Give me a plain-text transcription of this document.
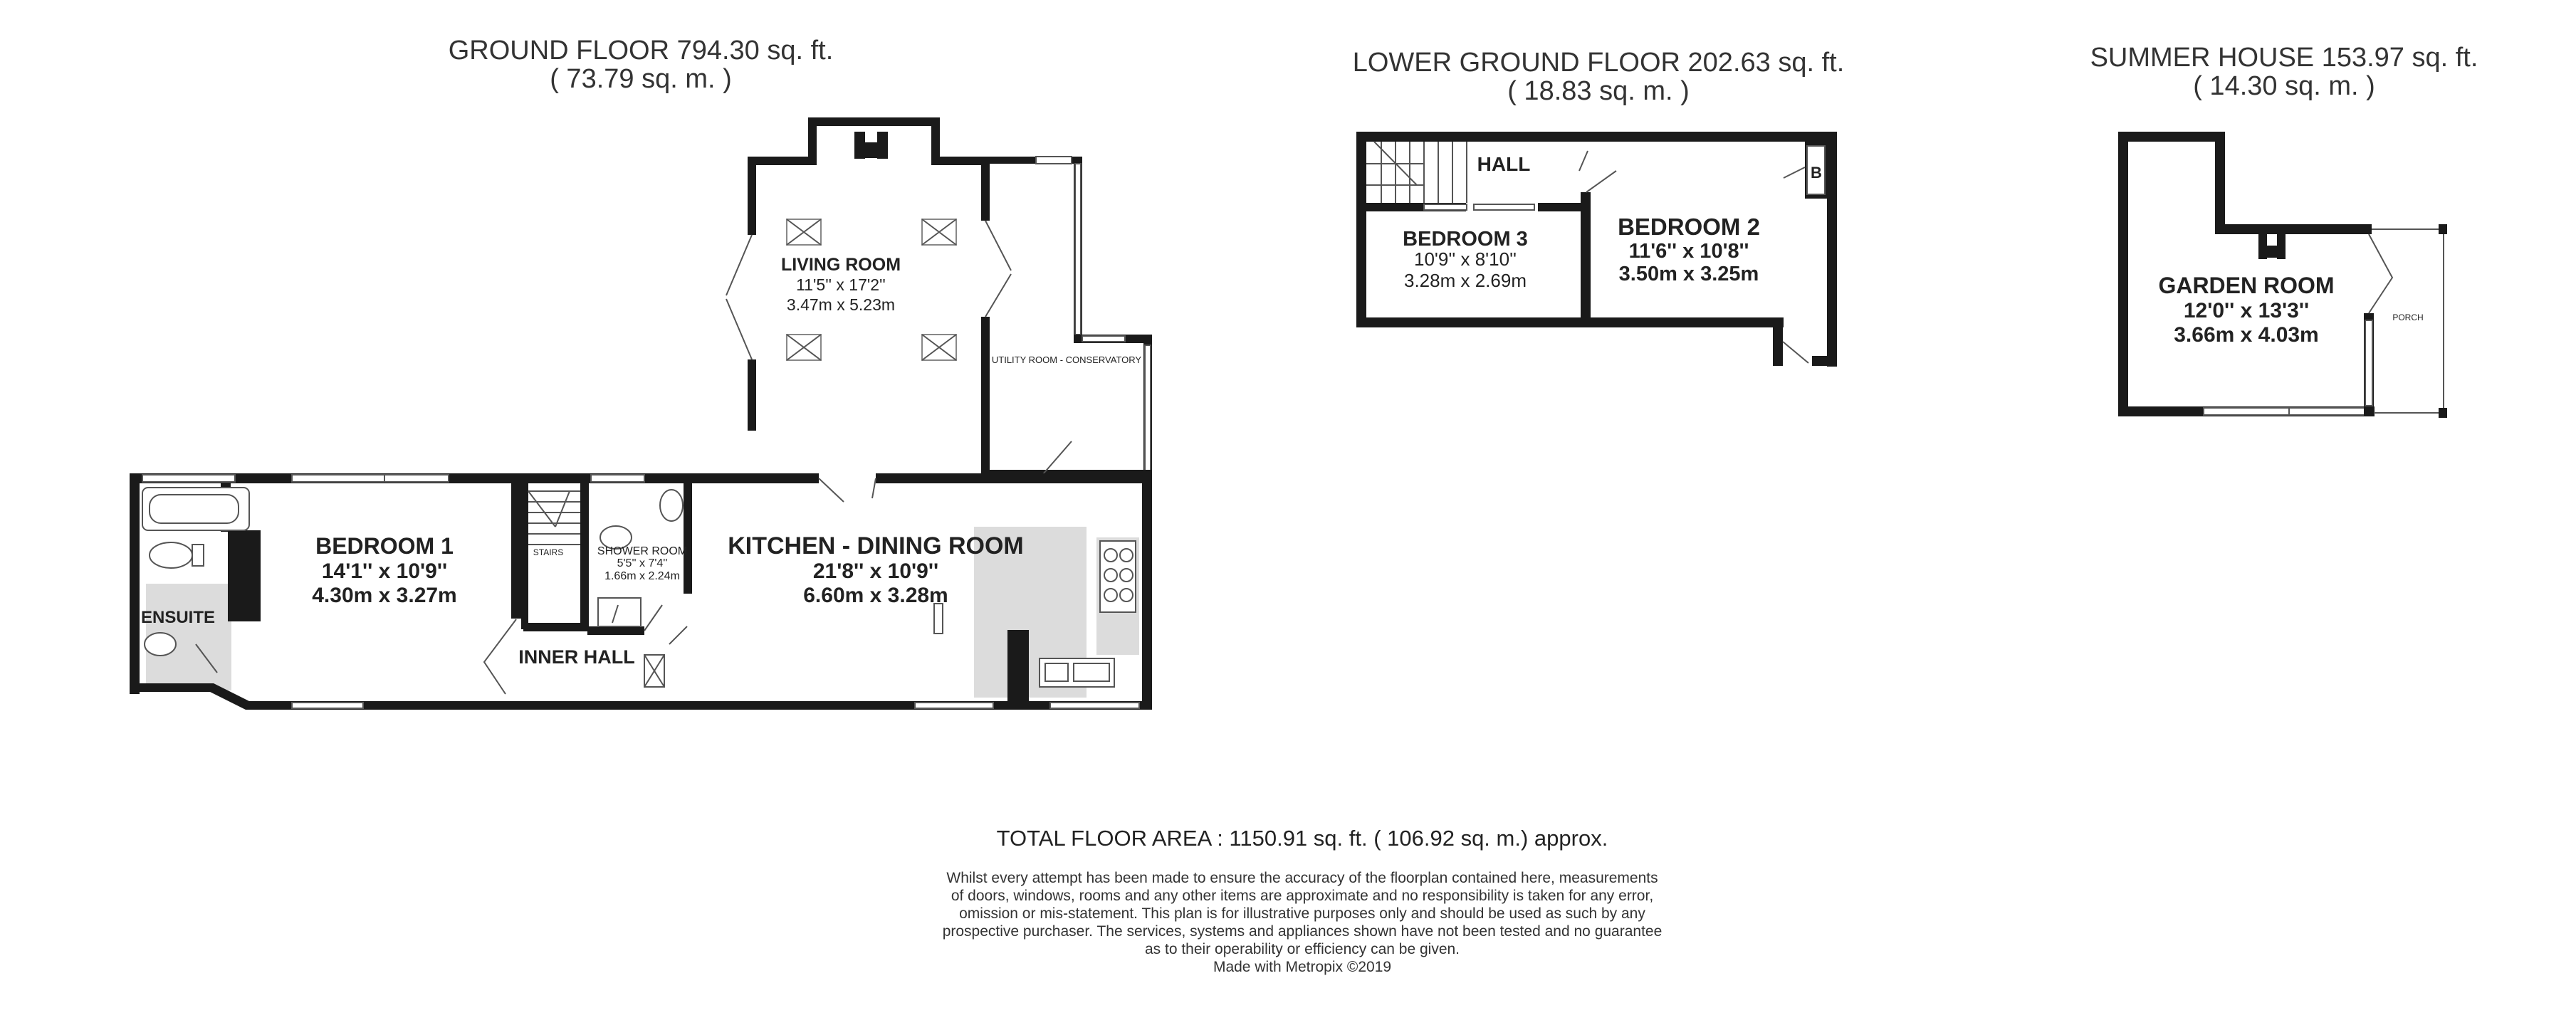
GROUND FLOOR 794.30 sq. ft.
( 73.79 sq. m. )
LOWER GROUND FLOOR 202.63 sq. ft.
( 18.83 sq. m. )
SUMMER HOUSE 153.97 sq. ft.
( 14.30 sq. m. )
LIVING ROOM
11'5'' x 17'2''
3.47m x 5.23m
UTILITY ROOM - CONSERVATORY
BEDROOM 1
14'1'' x 10'9''
4.30m x 3.27m
ENSUITE
STAIRS	SHOWER ROOM
5'5'' x 7'4''
1.66m x 2.24m
INNER HALL
KITCHEN - DINING ROOM
21'8'' x 10'9''
6.60m x 3.28m
HALL
BEDROOM 3
10'9'' x 8'10''
3.28m x 2.69m
BEDROOM 2
11'6'' x 10'8''
3.50m x 3.25m
B
GARDEN ROOM
12'0'' x 13'3''
3.66m x 4.03m
PORCH
TOTAL FLOOR AREA : 1150.91 sq. ft. ( 106.92 sq. m.) approx.
Whilst every attempt has been made to ensure the accuracy of the floorplan contained here, measurements
of doors, windows, rooms and any other items are approximate and no responsibility is taken for any error,
omission or mis-statement. This plan is for illustrative purposes only and should be used as such by any
prospective purchaser. The services, systems and appliances shown have not been tested and no guarantee
as to their operability or efficiency can be given.
Made with Metropix ©2019
